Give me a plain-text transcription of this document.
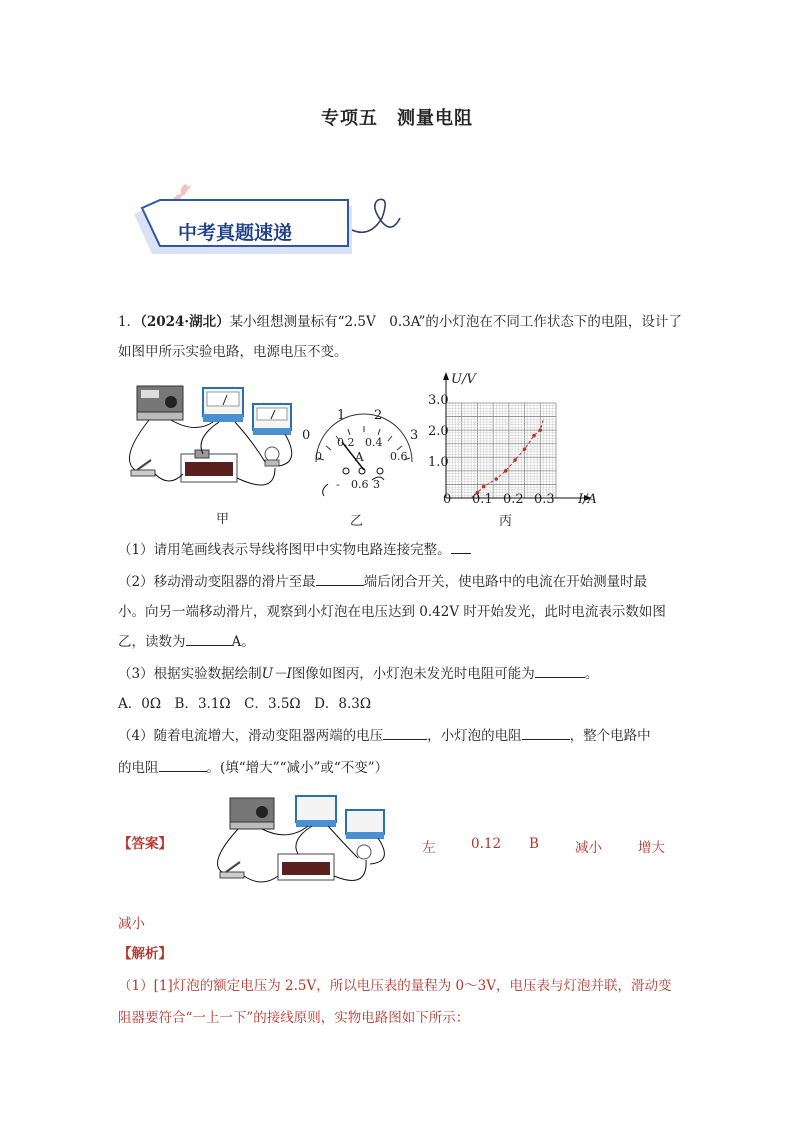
专项五　测量电阻
中考真题速递
1．（2024·湖北）某小组想测量标有“2.5V　0.3A”的小灯泡在不同工作状态下的电阻，设计了
如图甲所示实验电路，电源电压不变。
0
1 2
3
0
0.2 0.4
0.6
A
- 0.6 3
U/V
I/A
3.0
2.0
1.0
0 0.1 0.2 0.3
甲	乙	丙
（1）请用笔画线表示导线将图甲中实物电路连接完整。
（2）移动滑动变阻器的滑片至最	端后闭合开关，使电路中的电流在开始测量时最
小。向另一端移动滑片，观察到小灯泡在电压达到 0.42V 时开始发光，此时电流表示数如图
乙，读数为	A。
（3）根据实验数据绘制U－I图像如图丙，小灯泡未发光时电阻可能为	。
A．0Ω　B．3.1Ω　C．3.5Ω　D．8.3Ω
（4）随着电流增大，滑动变阻器两端的电压	，小灯泡的电阻	，整个电路中
的电阻	。(填“增大”“减小”或“不变”）
【答案】	左	0.12 B	减小	增大
减小
【解析】
（1）[1]灯泡的额定电压为 2.5V，所以电压表的量程为 0～3V，电压表与灯泡并联，滑动变
阻器要符合“一上一下”的接线原则，实物电路图如下所示：
